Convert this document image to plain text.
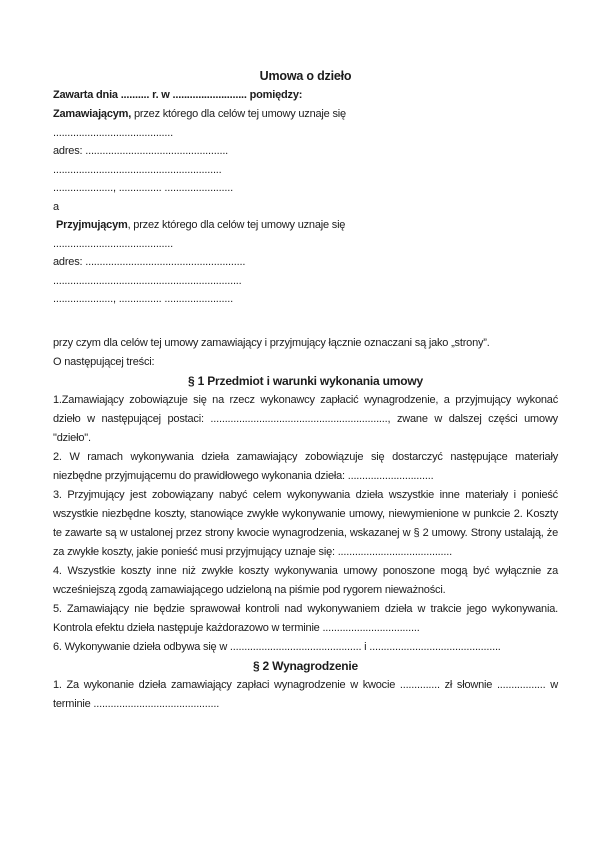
Umowa o dzieło

Zawarta dnia .......... r. w .......................... pomiędzy:

Zamawiającym, przez którego dla celów tej umowy uznaje się

..........................................

adres: ..................................................

...........................................................

....................., ............... ........................

a

Przyjmującym, przez którego dla celów tej umowy uznaje się

..........................................

adres: ........................................................

..................................................................

....................., ............... ........................

przy czym dla celów tej umowy zamawiający i przyjmujący łącznie oznaczani są jako „strony”.

O następującej treści:

§ 1 Przedmiot i warunki wykonania umowy

1.Zamawiający zobowiązuje się na rzecz wykonawcy zapłacić wynagrodzenie, a przyjmujący wykonać dzieło w następującej postaci: .............................................................., zwane w dalszej części umowy "dzieło".

2. W ramach wykonywania dzieła zamawiający zobowiązuje się dostarczyć następujące materiały niezbędne przyjmującemu do prawidłowego wykonania dzieła: ..............................

3. Przyjmujący jest zobowiązany nabyć celem wykonywania dzieła wszystkie inne materiały i ponieść wszystkie niezbędne koszty, stanowiące zwykłe wykonywanie umowy, niewymienione w punkcie 2. Koszty te zawarte są w ustalonej przez strony kwocie wynagrodzenia, wskazanej w § 2 umowy. Strony ustalają, że za zwykłe koszty, jakie ponieść musi przyjmujący uznaje się: ........................................

4. Wszystkie koszty inne niż zwykłe koszty wykonywania umowy ponoszone mogą być wyłącznie za wcześniejszą zgodą zamawiającego udzieloną na piśmie pod rygorem nieważności.

5. Zamawiający nie będzie sprawował kontroli nad wykonywaniem dzieła w trakcie jego wykonywania. Kontrola efektu dzieła następuje każdorazowo w terminie ..................................

6. Wykonywanie dzieła odbywa się w .............................................. i ..............................................

§ 2 Wynagrodzenie

1. Za wykonanie dzieła zamawiający zapłaci wynagrodzenie w kwocie .............. zł słownie ................. w terminie ............................................
